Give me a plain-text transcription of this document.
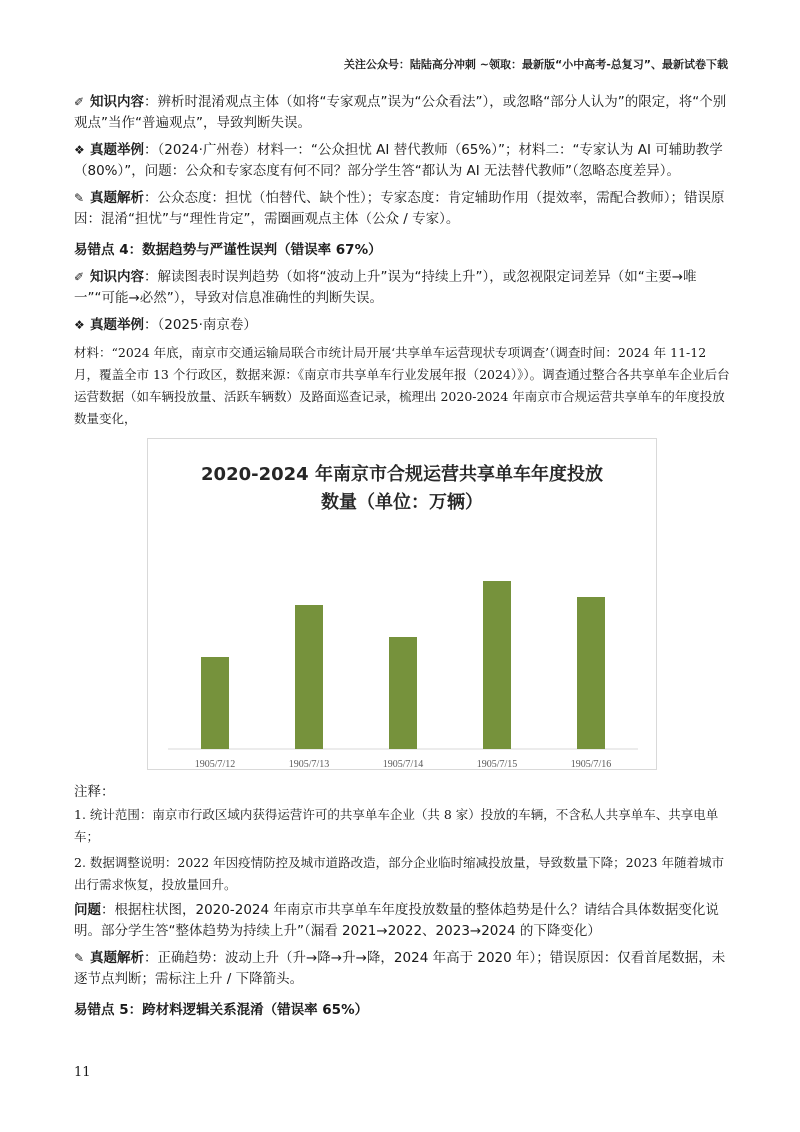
关注公众号：陆陆高分冲刺 ~领取：最新版“小中高考-总复习”、最新试卷下载

✐ 知识内容：辨析时混淆观点主体（如将“专家观点”误为“公众看法”），或忽略“部分人认为”的限定，将“个别观点”当作“普遍观点”，导致判断失误。

❖ 真题举例：（2024·广州卷）材料一：“公众担忧 AI 替代教师（65%）”；材料二：“专家认为 AI 可辅助教学（80%）”，问题：公众和专家态度有何不同？部分学生答“都认为 AI 无法替代教师”（忽略态度差异）。

✎ 真题解析：公众态度：担忧（怕替代、缺个性）；专家态度：肯定辅助作用（提效率，需配合教师）；错误原因：混淆“担忧”与“理性肯定”，需圈画观点主体（公众 / 专家）。

易错点 4：数据趋势与严谨性误判（错误率 67%）

✐ 知识内容：解读图表时误判趋势（如将“波动上升”误为“持续上升”），或忽视限定词差异（如“主要→唯一”“可能→必然”），导致对信息准确性的判断失误。

❖ 真题举例：（2025·南京卷）

材料：“2024 年底，南京市交通运输局联合市统计局开展‘共享单车运营现状专项调查’（调查时间：2024 年 11-12 月，覆盖全市 13 个行政区，数据来源：《南京市共享单车行业发展年报（2024）》）。调查通过整合各共享单车企业后台运营数据（如车辆投放量、活跃车辆数）及路面巡查记录，梳理出 2020-2024 年南京市合规运营共享单车的年度投放数量变化，

2020-2024 年南京市合规运营共享单车年度投放
数量（单位：万辆）
1905/7/12	1905/7/13	1905/7/14	1905/7/15	1905/7/16
注释：

1. 统计范围：南京市行政区域内获得运营许可的共享单车企业（共 8 家）投放的车辆，不含私人共享单车、共享电单车；

2. 数据调整说明：2022 年因疫情防控及城市道路改造，部分企业临时缩减投放量，导致数量下降；2023 年随着城市出行需求恢复，投放量回升。

问题：根据柱状图，2020-2024 年南京市共享单车年度投放数量的整体趋势是什么？请结合具体数据变化说明。部分学生答“整体趋势为持续上升”（漏看 2021→2022、2023→2024 的下降变化）

✎ 真题解析：正确趋势：波动上升（升→降→升→降，2024 年高于 2020 年）；错误原因：仅看首尾数据，未逐节点判断；需标注上升 / 下降箭头。

易错点 5：跨材料逻辑关系混淆（错误率 65%）
11
